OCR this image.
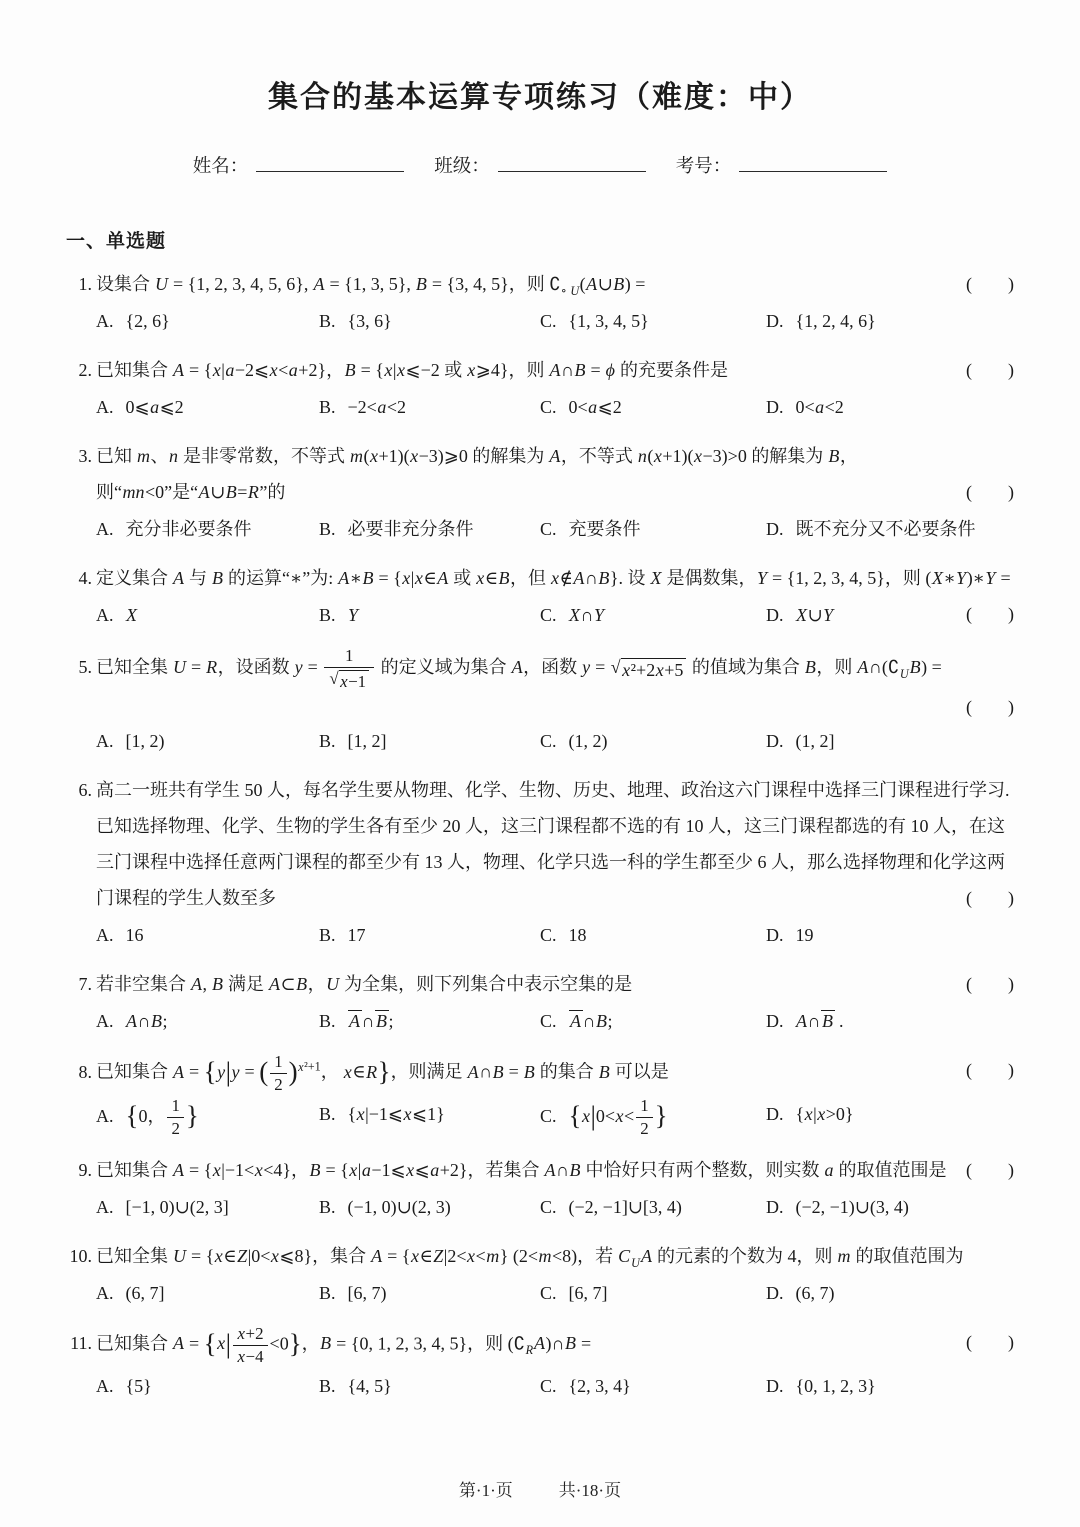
集合的基本运算专项练习（难度：中）
姓名：	班级：	考号：
一、单选题
1. 设集合 U = {1, 2, 3, 4, 5, 6}, A = {1, 3, 5}, B = {3, 4, 5}，则 $∁_{\circ U}(A\cup B)$ =	(  )
A. {2, 6}	B. {3, 6}	C. {1, 3, 4, 5}	D. {1, 2, 4, 6}
2. 已知集合 A = {x|a−2⩽x<a+2}，B = {x|x⩽−2 或 x⩾4}，则 A∩B = ϕ 的充要条件是	(  )
A. 0⩽a⩽2	B. −2<a<2	C. 0<a⩽2	D. 0<a<2
3. 已知 m、n 是非零常数，不等式 m(x+1)(x−3)⩾0 的解集为 A，不等式 n(x+1)(x−3)>0 的解集为 B，则“mn<0”是“A∪B=R”的	(  )
A. 充分非必要条件	B. 必要非充分条件	C. 充要条件	D. 既不充分又不必要条件
4. 定义集合 A 与 B 的运算“∗”为: A∗B = {x|x∈A 或 x∈B，但 x∉A∩B}. 设 X 是偶数集，Y = {1, 2, 3, 4, 5}，则 (X∗Y)∗Y =
(  )
A. X	B. Y	C. X∩Y	D. X∪Y
5. 已知全集 U = R，设函数 $y = \frac{1}{√ x-1}$ 的定义域为集合 A，函数 y = √ x²+2x+5 的值域为集合 B，则 $A\cap(∁_UB)$ =
(  )
A. [1, 2)	B. [1, 2]	C. (1, 2)	D. (1, 2]
6. 高二一班共有学生 50 人，每名学生要从物理、化学、生物、历史、地理、政治这六门课程中选择三门课程进行学习. 已知选择物理、化学、生物的学生各有至少 20 人，这三门课程都不选的有 10 人，这三门课程都选的有 10 人，在这三门课程中选择任意两门课程的都至少有 13 人，物理、化学只选一科的学生都至少 6 人，那么选择物理和化学这两门课程的学生人数至多	(  )
A. 16	B. 17	C. 18	D. 19
7. 若非空集合 A, B 满足 A⊂B，U 为全集，则下列集合中表示空集的是	(  )
A. A∩B;	B. A∩B;	C. A∩B;	D. A∩B .
8. 已知集合 A = {y|y = ( $\frac{1}{2} )^{x^2+1}$， x∈R}，则满足 A∩B = B 的集合 B 可以是	(  )
A. {0， $\frac{1}{2}$ }	B. {x|−1⩽x⩽1}	C. {$x|0<x< \frac{1}{2}$ }	D. {x|x>0}
9. 已知集合 A = {x|−1<x<4}，B = {x|a−1⩽x⩽a+2}，若集合 A∩B 中恰好只有两个整数，则实数 a 的取值范围是 (  )
A. [−1, 0)∪(2, 3]	B. (−1, 0)∪(2, 3)	C. (−2, −1]∪[3, 4)	D. (−2, −1)∪(3, 4)
10. 已知全集 U = {x∈Z|0<x⩽8}，集合 A = {x∈Z|2<x<m} (2<m<8)，若 $C_UA$ 的元素的个数为 4，则 m 的取值范围为
A. (6, 7]	B. [6, 7)	C. [6, 7]	D. (6, 7)
11. 已知集合 $A = \{x| \frac{x+2}{x-4} <0\}$，B = {0, 1, 2, 3, 4, 5}，则 $(∁_RA)\cap B$ =	(  )
A. {5}	B. {4, 5}	C. {2, 3, 4}	D. {0, 1, 2, 3}
第·1·页	共·18·页
